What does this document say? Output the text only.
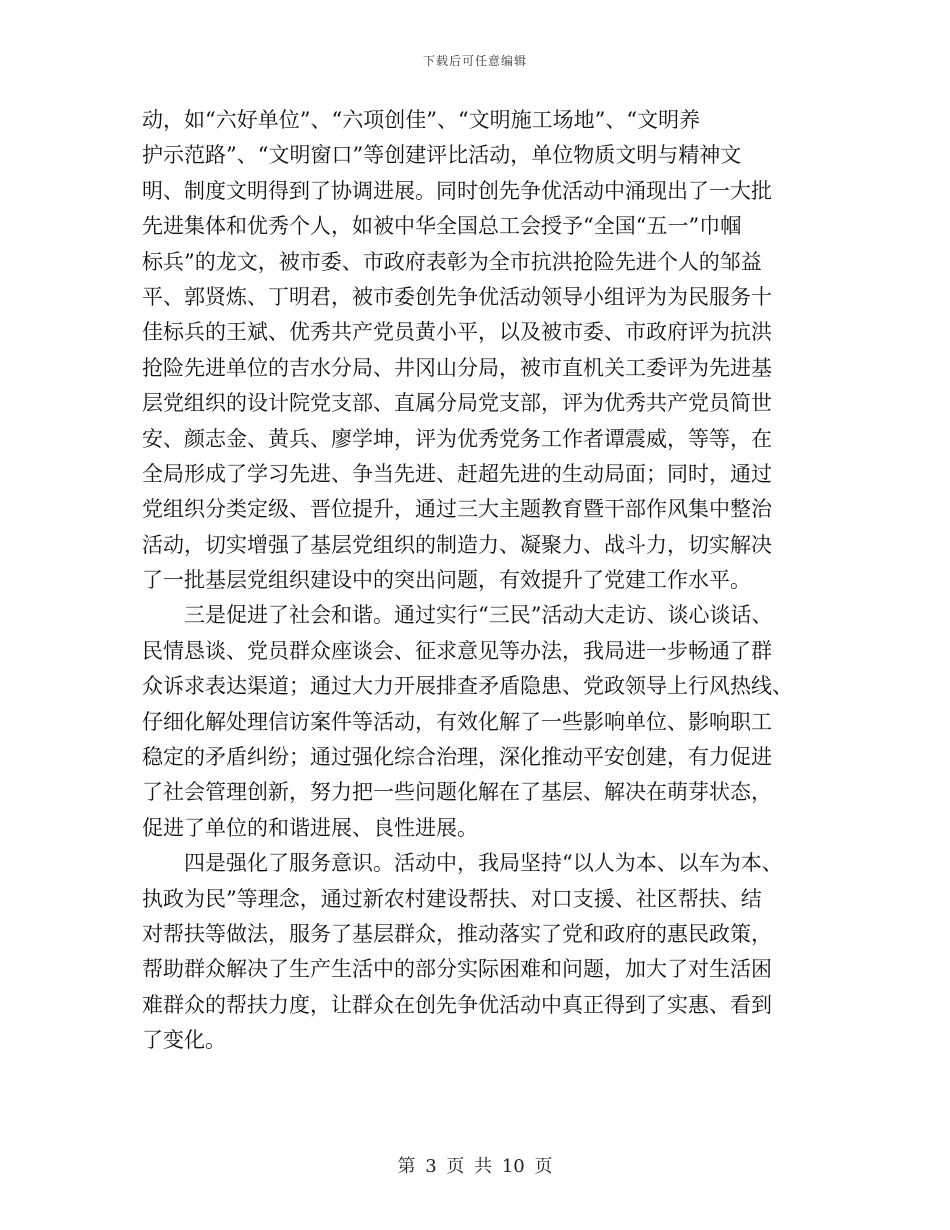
下载后可任意编辑
动，如“六好单位”、“六项创佳”、“文明施工场地”、“文明养
护示范路”、“文明窗口”等创建评比活动，单位物质文明与精神文
明、制度文明得到了协调进展。同时创先争优活动中涌现出了一大批
先进集体和优秀个人，如被中华全国总工会授予“全国“五一”巾帼
标兵”的龙文，被市委、市政府表彰为全市抗洪抢险先进个人的邹益
平、郭贤炼、丁明君，被市委创先争优活动领导小组评为为民服务十
佳标兵的王斌、优秀共产党员黄小平，以及被市委、市政府评为抗洪
抢险先进单位的吉水分局、井冈山分局，被市直机关工委评为先进基
层党组织的设计院党支部、直属分局党支部，评为优秀共产党员简世
安、颜志金、黄兵、廖学坤，评为优秀党务工作者谭震威，等等，在
全局形成了学习先进、争当先进、赶超先进的生动局面；同时，通过
党组织分类定级、晋位提升，通过三大主题教育暨干部作风集中整治
活动，切实增强了基层党组织的制造力、凝聚力、战斗力，切实解决
了一批基层党组织建设中的突出问题，有效提升了党建工作水平。
　　三是促进了社会和谐。通过实行“三民”活动大走访、谈心谈话、
民情恳谈、党员群众座谈会、征求意见等办法，我局进一步畅通了群
众诉求表达渠道；通过大力开展排查矛盾隐患、党政领导上行风热线、
仔细化解处理信访案件等活动，有效化解了一些影响单位、影响职工
稳定的矛盾纠纷；通过强化综合治理，深化推动平安创建，有力促进
了社会管理创新，努力把一些问题化解在了基层、解决在萌芽状态，
促进了单位的和谐进展、良性进展。
　　四是强化了服务意识。活动中，我局坚持“以人为本、以车为本、
执政为民”等理念，通过新农村建设帮扶、对口支援、社区帮扶、结
对帮扶等做法，服务了基层群众，推动落实了党和政府的惠民政策，
帮助群众解决了生产生活中的部分实际困难和问题，加大了对生活困
难群众的帮扶力度，让群众在创先争优活动中真正得到了实惠、看到
了变化。
第 3 页 共 10 页
